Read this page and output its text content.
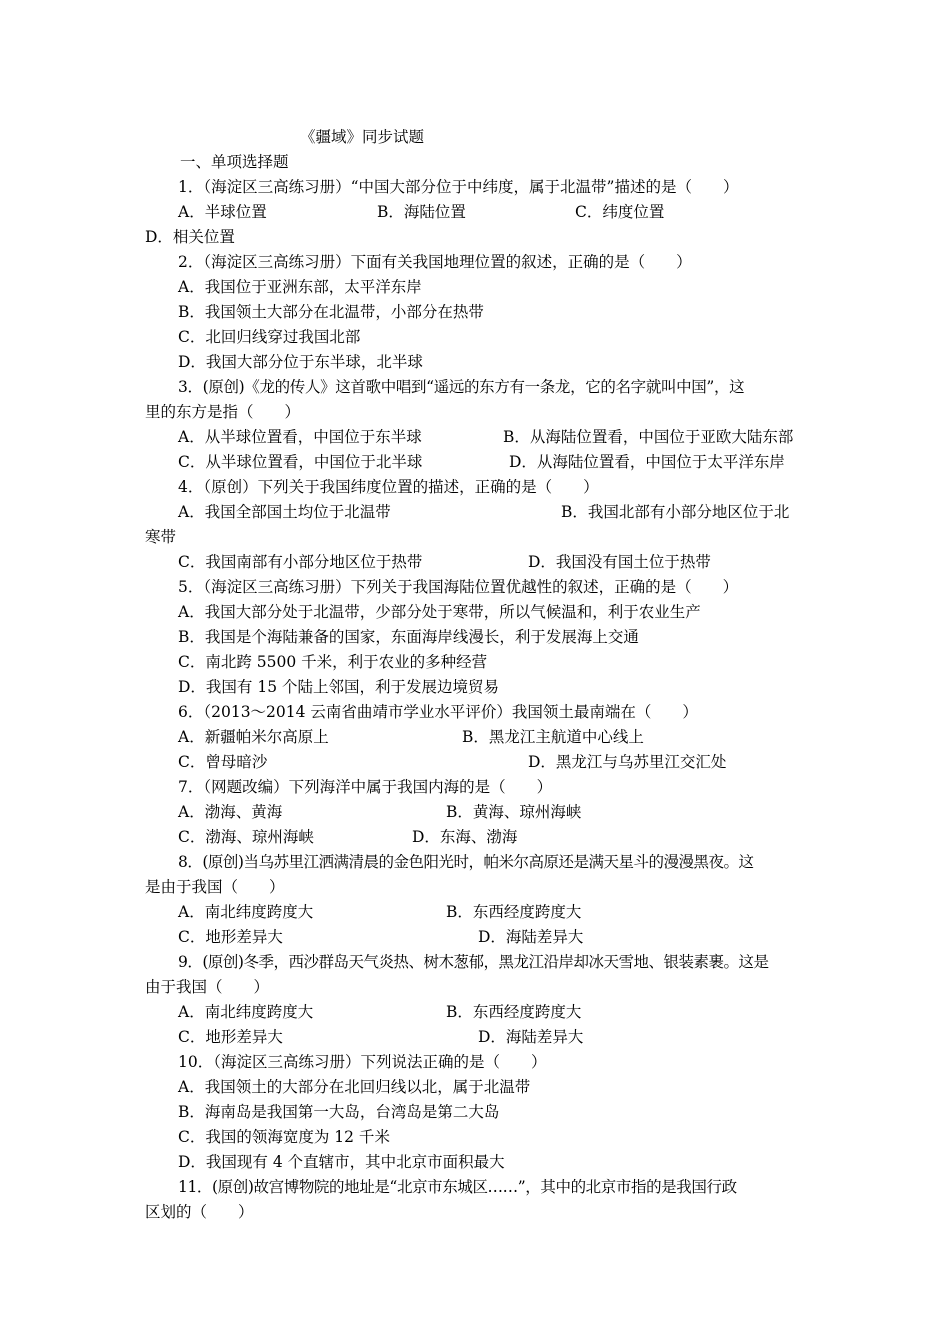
《疆域》同步试题
一、单项选择题
1．（海淀区三高练习册）“中国大部分位于中纬度，属于北温带”描述的是（　　）
A．半球位置	B．海陆位置	C．纬度位置
D．相关位置
2．（海淀区三高练习册）下面有关我国地理位置的叙述，正确的是（　　）
A．我国位于亚洲东部，太平洋东岸
B．我国领土大部分在北温带，小部分在热带
C．北回归线穿过我国北部
D．我国大部分位于东半球，北半球
3．(原创)《龙的传人》这首歌中唱到“遥远的东方有一条龙，它的名字就叫中国”，这
里的东方是指（　　）
A．从半球位置看，中国位于东半球	B．从海陆位置看，中国位于亚欧大陆东部
C．从半球位置看，中国位于北半球	D．从海陆位置看，中国位于太平洋东岸
4．（原创）下列关于我国纬度位置的描述，正确的是（　　）
A．我国全部国土均位于北温带	B．我国北部有小部分地区位于北
寒带
C．我国南部有小部分地区位于热带	D．我国没有国土位于热带
5．（海淀区三高练习册）下列关于我国海陆位置优越性的叙述，正确的是（　　）
A．我国大部分处于北温带，少部分处于寒带，所以气候温和，利于农业生产
B．我国是个海陆兼备的国家，东面海岸线漫长，利于发展海上交通
C．南北跨 5500 千米，利于农业的多种经营
D．我国有 15 个陆上邻国，利于发展边境贸易
6．（2013～2014 云南省曲靖市学业水平评价）我国领土最南端在（　　）
A．新疆帕米尔高原上	B．黑龙江主航道中心线上
C．曾母暗沙	D．黑龙江与乌苏里江交汇处
7．（网题改编）下列海洋中属于我国内海的是（　　）
A．渤海、黄海	B．黄海、琼州海峡
C．渤海、琼州海峡	D．东海、渤海
8．(原创)当乌苏里江洒满清晨的金色阳光时，帕米尔高原还是满天星斗的漫漫黑夜。这
是由于我国（　　）
A．南北纬度跨度大	B．东西经度跨度大
C．地形差异大	D．海陆差异大
9．(原创)冬季，西沙群岛天气炎热、树木葱郁，黑龙江沿岸却冰天雪地、银装素裹。这是
由于我国（　　）
A．南北纬度跨度大	B．东西经度跨度大
C．地形差异大	D．海陆差异大
10．（海淀区三高练习册）下列说法正确的是（　　）
A．我国领土的大部分在北回归线以北，属于北温带
B．海南岛是我国第一大岛，台湾岛是第二大岛
C．我国的领海宽度为 12 千米
D．我国现有 4 个直辖市，其中北京市面积最大
11．(原创)故宫博物院的地址是“北京市东城区……”，其中的北京市指的是我国行政
区划的（　　）
